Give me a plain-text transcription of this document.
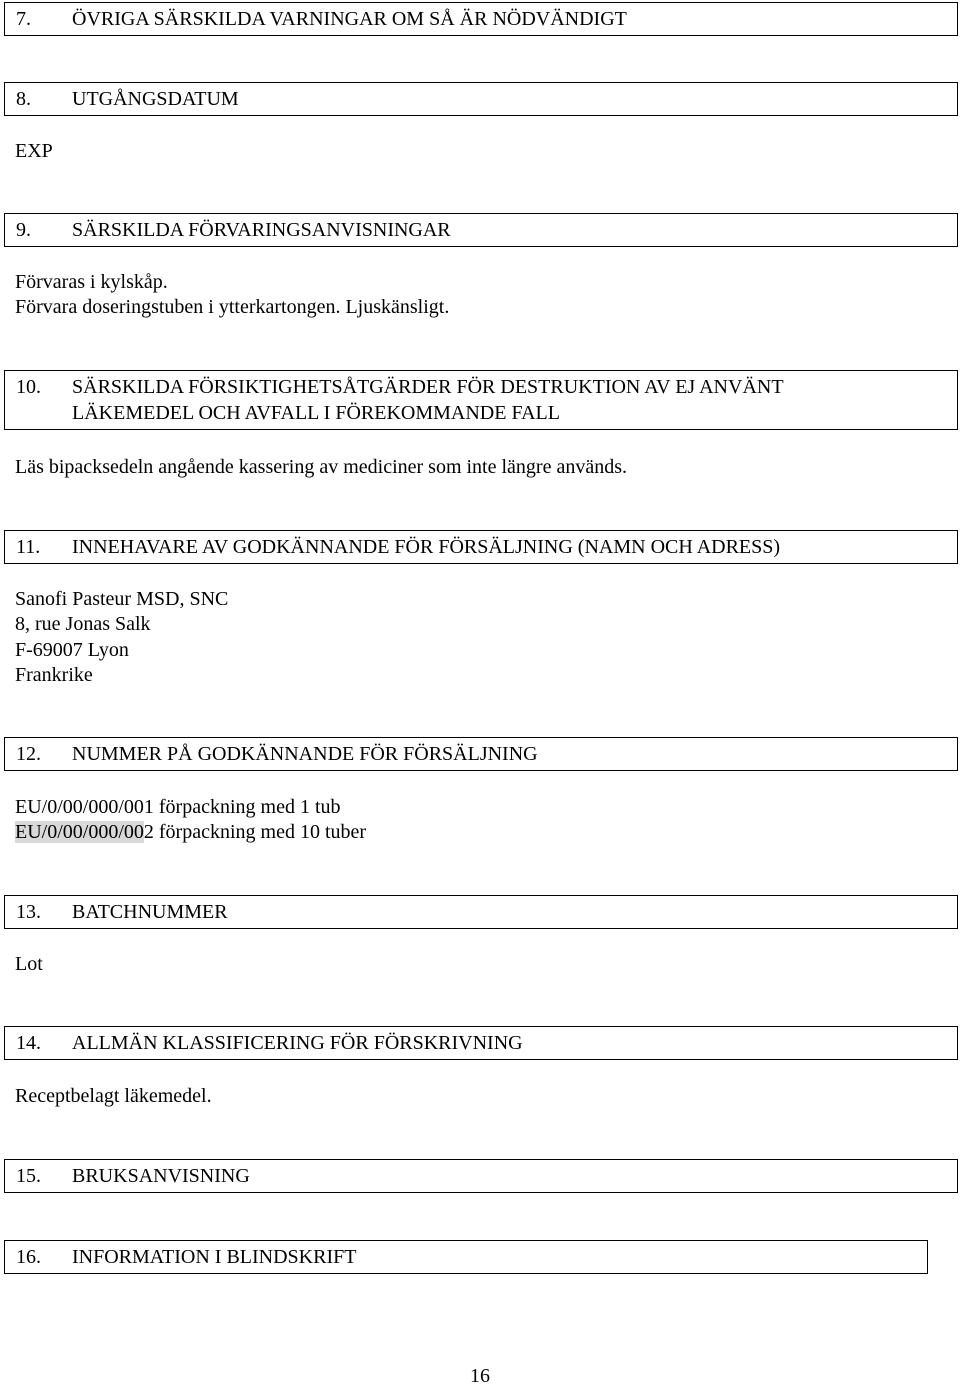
7. ÖVRIGA SÄRSKILDA VARNINGAR OM SÅ ÄR NÖDVÄNDIGT
8. UTGÅNGSDATUM
EXP
9. SÄRSKILDA FÖRVARINGSANVISNINGAR
Förvaras i kylskåp.
Förvara doseringstuben i ytterkartongen. Ljuskänsligt.
10. SÄRSKILDA FÖRSIKTIGHETSÅTGÄRDER FÖR DESTRUKTION AV EJ ANVÄNT
LÄKEMEDEL OCH AVFALL I FÖREKOMMANDE FALL
Läs bipacksedeln angående kassering av mediciner som inte längre används.
11. INNEHAVARE AV GODKÄNNANDE FÖR FÖRSÄLJNING (NAMN OCH ADRESS)
Sanofi Pasteur MSD, SNC
8, rue Jonas Salk
F-69007 Lyon
Frankrike
12. NUMMER PÅ GODKÄNNANDE FÖR FÖRSÄLJNING
EU/0/00/000/001 förpackning med 1 tub
EU/0/00/000/002 förpackning med 10 tuber
13. BATCHNUMMER
Lot
14. ALLMÄN KLASSIFICERING FÖR FÖRSKRIVNING
Receptbelagt läkemedel.
15. BRUKSANVISNING
16. INFORMATION I BLINDSKRIFT
16
